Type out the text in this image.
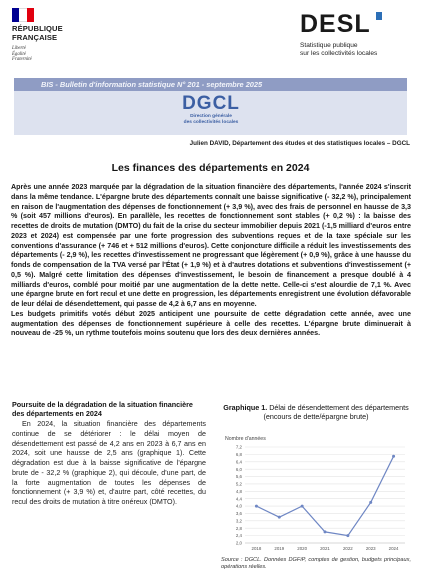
RÉPUBLIQUE
FRANÇAISE
Liberté
Égalité
Fraternité
DESL
Statistique publique
sur les collectivités locales
BIS - Bulletin d'information statistique N° 201 - septembre 2025
DGCL
Direction générale
des collectivités locales
Julien DAVID, Département des études et des statistiques locales – DGCL
Les finances des départements en 2024

Après une année 2023 marquée par la dégradation de la situation financière des départements, l'année 2024 s'inscrit dans la même tendance. L'épargne brute des départements connaît une baisse significative (- 32,2 %), principalement en raison de l'augmentation des dépenses de fonctionnement (+ 3,9 %), avec des frais de personnel en hausse de 3,3 % (soit 457 millions d'euros). En parallèle, les recettes de fonctionnement sont stables (+ 0,2 %) : la baisse des recettes de droits de mutation (DMTO) du fait de la crise du secteur immobilier depuis 2021 (-1,5 milliard d'euros entre 2023 et 2024) est compensée par une forte progression des subventions reçues et de la taxe spéciale sur les conventions d'assurance (+ 746 et + 512 millions d'euros). Cette conjoncture difficile a réduit les investissements des départements (- 2,9 %), les recettes d'investissement ne progressant que légèrement (+ 0,9 %), grâce à une hausse du fonds de compensation de la TVA versé par l'État (+ 1,9 %) et à d'autres dotations et subventions d'investissement (+ 0,5 %). Malgré cette limitation des dépenses d'investissement, le besoin de financement a presque doublé à 4 milliards d'euros, comblé pour moitié par une augmentation de la dette nette. Celle-ci s'est alourdie de 7,1 %. Avec une épargne brute en fort recul et une dette en progression, les départements enregistrent une évolution défavorable de leur délai de désendettement, qui passe de 4,2 à 6,7 ans en moyenne.

Les budgets primitifs votés début 2025 anticipent une poursuite de cette dégradation cette année, avec une augmentation des dépenses de fonctionnement supérieure à celle des recettes. L'épargne brute diminuerait à nouveau de -25 %, un rythme toutefois moins soutenu que lors des deux dernières années.

Poursuite de la dégradation de la situation financière des départements en 2024

En 2024, la situation financière des départements continue de se détériorer : le délai moyen de désendettement est passé de 4,2 ans en 2023 à 6,7 ans en 2024, soit une hausse de 2,5 ans (graphique 1). Cette dégradation est due à la baisse significative de l'épargne brute de - 32,2 % (graphique 2), qui découle, d'une part, de la forte augmentation de toutes les dépenses de fonctionnement (+ 3,9 %) et, d'autre part, côté recettes, du recul des droits de mutation à titre onéreux (DMTO).

Graphique 1. Délai de désendettement des départements
(encours de dette/épargne brute)
Nombre d'années
2,0
2,4
2,8
3,2
3,6
4,0
4,4
4,8
5,2
5,6
6,0
6,4
6,8
7,2
2018	2019	2020	2021	2022	2023	2024
Source : DGCL. Données DGFiP, comptes de gestion, budgets principaux, opérations réelles.
